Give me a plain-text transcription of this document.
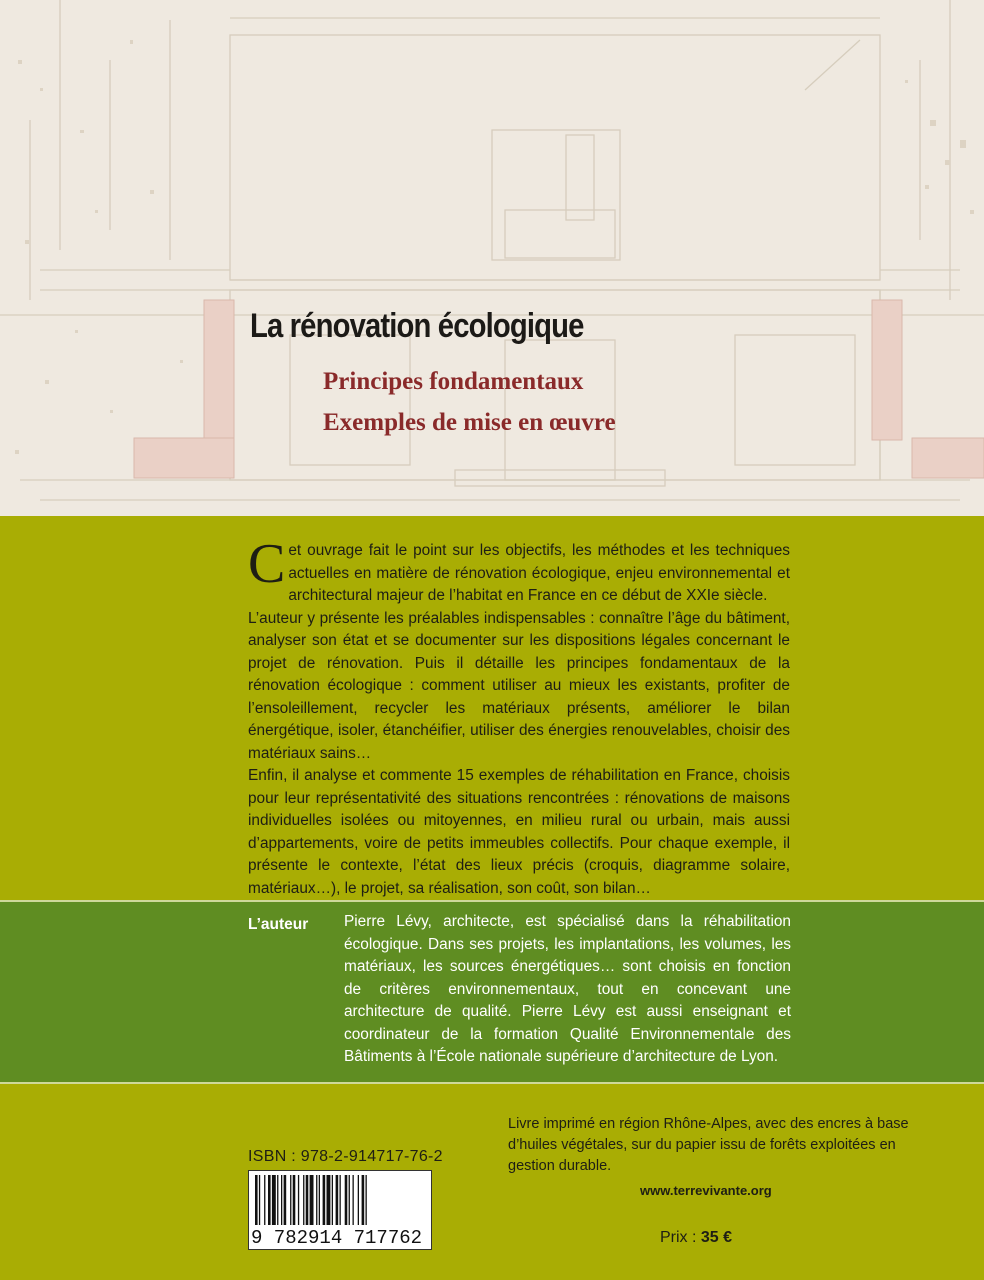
La rénovation écologique
Principes fondamentaux
Exemples de mise en œuvre

Cet ouvrage fait le point sur les objectifs, les méthodes et les techniques actuelles en matière de rénovation écologique, enjeu environnemental et architectural majeur de l’habitat en France en ce début de XXIe siècle.

L’auteur y présente les préalables indispensables : connaître l’âge du bâtiment, analyser son état et se documenter sur les dispositions légales concernant le projet de rénovation. Puis il détaille les principes fondamentaux de la rénovation écologique : comment utiliser au mieux les existants, profiter de l’ensoleillement, recycler les matériaux présents, améliorer le bilan énergétique, isoler, étanchéifier, utiliser des énergies renouvelables, choisir des matériaux sains…

Enfin, il analyse et commente 15 exemples de réhabilitation en France, choisis pour leur représentativité des situations rencontrées : rénovations de maisons individuelles isolées ou mitoyennes, en milieu rural ou urbain, mais aussi d’appartements, voire de petits immeubles collectifs. Pour chaque exemple, il présente le contexte, l’état des lieux précis (croquis, diagramme solaire, matériaux…), le projet, sa réalisation, son coût, son bilan…

L’auteur Pierre Lévy, architecte, est spécialisé dans la réhabilitation écologique. Dans ses projets, les implantations, les volumes, les matériaux, les sources énergétiques… sont choisis en fonction de critères environnementaux, tout en concevant une architecture de qualité. Pierre Lévy est aussi enseignant et coordinateur de la formation Qualité Environnementale des Bâtiments à l’École nationale supérieure d’architecture de Lyon.

Livre imprimé en région Rhône-Alpes, avec des encres à base d’huiles végétales, sur du papier issu de forêts exploitées en gestion durable.
www.terrevivante.org
ISBN : 978-2-914717-76-2
9 782914 717762	Prix : 35 €
